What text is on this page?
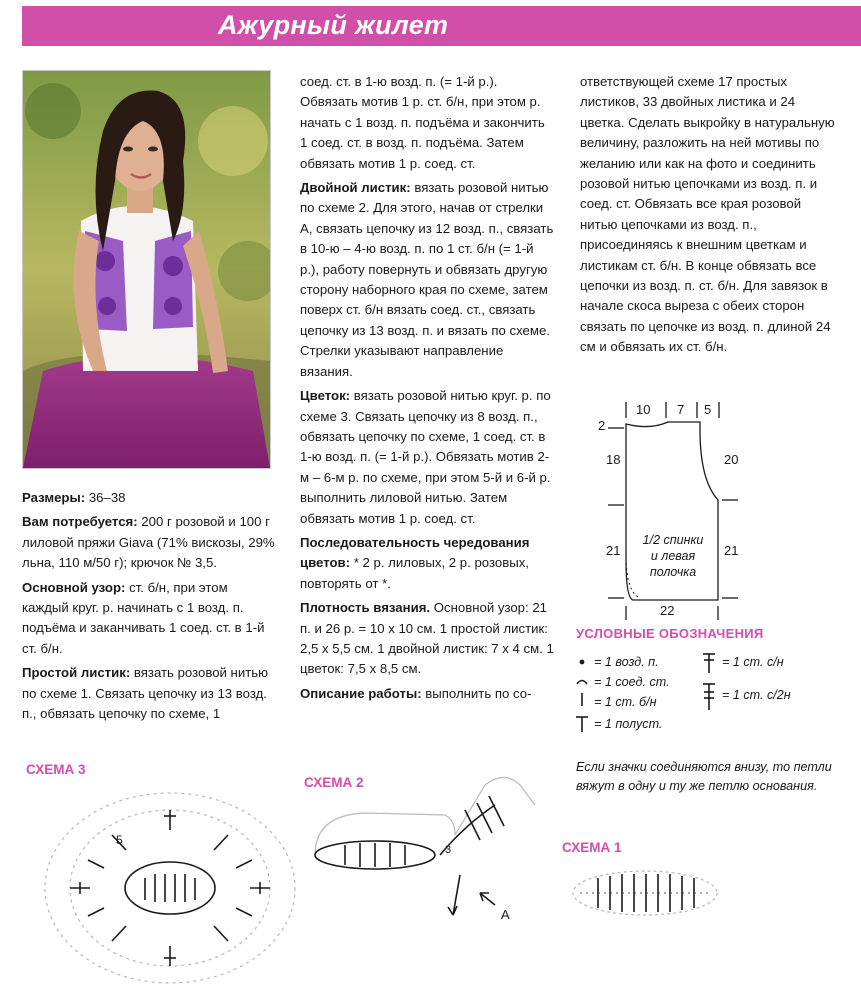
Ажурный жилет

Размеры: 36–38

Вам потребуется: 200 г розовой и 100 г лиловой пряжи Giava (71% вискозы, 29% льна, 110 м/50 г); крючок № 3,5.

Основной узор: ст. б/н, при этом каждый круг. р. начинать с 1 возд. п. подъёма и заканчивать 1 соед. ст. в 1-й ст. б/н.

Простой листик: вязать розовой нитью по схеме 1. Связать цепочку из 13 возд. п., обвязать цепочку по схеме, 1

соед. ст. в 1-ю возд. п. (= 1-й р.). Обвязать мотив 1 р. ст. б/н, при этом р. начать с 1 возд. п. подъёма и закончить 1 соед. ст. в возд. п. подъёма. Затем обвязать мотив 1 р. соед. ст.

Двойной листик: вязать розовой нитью по схеме 2. Для этого, начав от стрелки А, связать цепочку из 12 возд. п., связать в 10-ю – 4-ю возд. п. по 1 ст. б/н (= 1-й р.), работу повернуть и обвязать другую сторону наборного края по схеме, затем поверх ст. б/н вязать соед. ст., связать цепочку из 13 возд. п. и вязать по схеме. Стрелки указывают направление вязания.

Цветок: вязать розовой нитью круг. р. по схеме 3. Связать цепочку из 8 возд. п., обвязать цепочку по схеме, 1 соед. ст. в 1-ю возд. п. (= 1-й р.). Обвязать мотив 2-м – 6-м р. по схеме, при этом 5-й и 6-й р. выполнить лиловой нитью. Затем обвязать мотив 1 р. соед. ст.

Последовательность чередования цветов: * 2 р. лиловых, 2 р. розовых, повторять от *.

Плотность вязания. Основной узор: 21 п. и 26 р. = 10 х 10 см. 1 простой листик: 2,5 х 5,5 см. 1 двойной листик: 7 х 4 см. 1 цветок: 7,5 х 8,5 см.

Описание работы: выполнить по со-

ответствующей схеме 17 простых листиков, 33 двойных листика и 24 цветка. Сделать выкройку в натуральную величину, разложить на ней мотивы по желанию или как на фото и соединить розовой нитью цепочками из возд. п. и соед. ст. Обвязать все края розовой нитью цепочками из возд. п., присоединяясь к внешним цветкам и листикам ст. б/н. В конце обвязать все цепочки из возд. п. ст. б/н. Для завязок в начале скоса выреза с обеих сторон связать по цепочке из возд. п. длиной 24 см и обвязать их ст. б/н.

10 7 5
2
18	20
21	21
22
1/2 спинки
и левая
полочка
УСЛОВНЫЕ ОБОЗНАЧЕНИЯ
= 1 возд. п.
= 1 соед. ст.
= 1 ст. б/н
= 1 полуст.
= 1 ст. с/н
= 1 ст. с/2н
Если значки соединяются внизу, то петли вяжут в одну и ту же петлю основания.
СХЕМА 3
СХЕМА 2
СХЕМА 1
5
A
3
